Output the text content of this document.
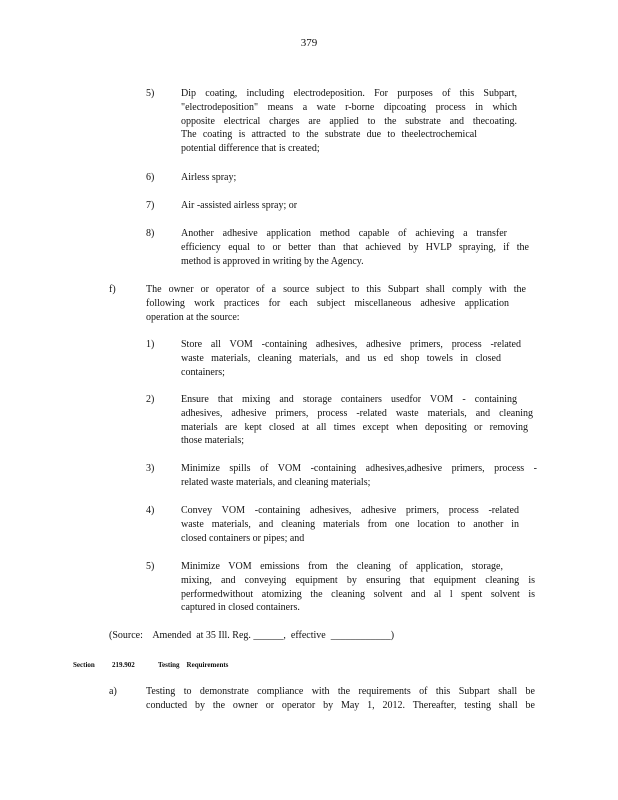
379
5)	Dip coating, including electrodeposition. For purposes of this Subpart,
"electrodeposition" means a wate r-borne dipcoating process in which
opposite electrical charges are applied to the substrate and thecoating.
The coating is attracted to the substrate due to theelectrochemical
potential difference that is created;
6)	Airless spray;
7)	Air -assisted airless spray; or
8)	Another adhesive application method capable of achieving a transfer
efficiency equal to or better than that achieved by HVLP spraying, if the
method is approved in writing by the Agency.
f)	The owner or operator of a source subject to this Subpart shall comply with the
following work practices for each subject miscellaneous adhesive application
operation at the source:
1)	Store all VOM -containing adhesives, adhesive primers, process -related
waste materials, cleaning materials, and us ed shop towels in closed
containers;
2)	Ensure that mixing and storage containers usedfor VOM - containing
adhesives, adhesive primers, process -related waste materials, and cleaning
materials are kept closed at all times except when depositing or removing
those materials;
3)	Minimize spills of VOM -containing adhesives,adhesive primers, process -
related waste materials, and cleaning materials;
4)	Convey VOM -containing adhesives, adhesive primers, process -related
waste materials, and cleaning materials from one location to another in
closed containers or pipes; and
5)	Minimize VOM emissions from the cleaning of application, storage,
mixing, and conveying equipment by ensuring that equipment cleaning is
performedwithout atomizing the cleaning solvent and al l spent solvent is
captured in closed containers.
(Source:    Amended  at 35 Ill. Reg. ______,  effective  ____________)
Section 219.902	Testing    Requirements
a)	Testing to demonstrate compliance with the requirements of this Subpart shall be
conducted by the owner or operator by May 1, 2012. Thereafter, testing shall be
